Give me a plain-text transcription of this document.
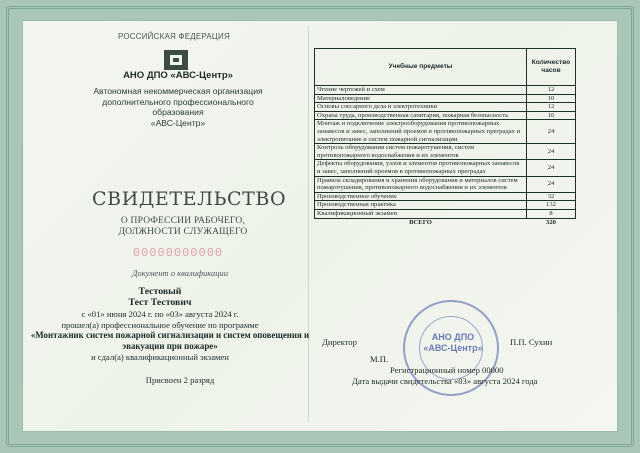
РОССИЙСКАЯ ФЕДЕРАЦИЯ
АНО ДПО «АВС-Центр»
Автономная некоммерческая организация
дополнительного профессионального образования
«АВС-Центр»
СВИДЕТЕЛЬСТВО
О ПРОФЕССИИ РАБОЧЕГО,
ДОЛЖНОСТИ СЛУЖАЩЕГО
00000000000
Документ о квалификации
Тестовый
Тест Тестович
с «01» июня 2024 г. по «03» августа 2024 г.
прошел(а) профессиональное обучение по программе
«Монтажник систем пожарной сигнализации и систем оповещения и
эвакуации при пожаре»
и сдал(а) квалификационный экзамен
Присвоен 2 разряд
Учебные предметы	Количество часов
Чтение чертежей и схем	12
Материаловедение	10
Основы слесарного дела и электротехники	12
Охрана труда, производственная санитария, пожарная безопасность	16
Монтаж и подключение электрооборудования противопожарных занавесов и завес, заполнений проемов в противопожарных преградах и электропитание и систем пожарной сигнализации	24
Контроль оборудования систем пожаротушения, систем противопожарного водоснабжения и их элементов	24
Дефекты оборудования, узлов и элементов противопожарных занавесов и завес, заполнений проемов в противопожарных преградах	24
Правила складирования и хранения оборудования и материалов систем пожаротушения, противопожарного водоснабжения и их элементов	24
Производственное обучение	32
Производственная практика	132
Квалификационный экзамен	8
ВСЕГО	320
АНО ДПО
«АВС-Центр»
Директор	П.П. Сухин
М.П.
Регистрационный номер 00000
Дата выдачи свидетельства «03» августа 2024 года
